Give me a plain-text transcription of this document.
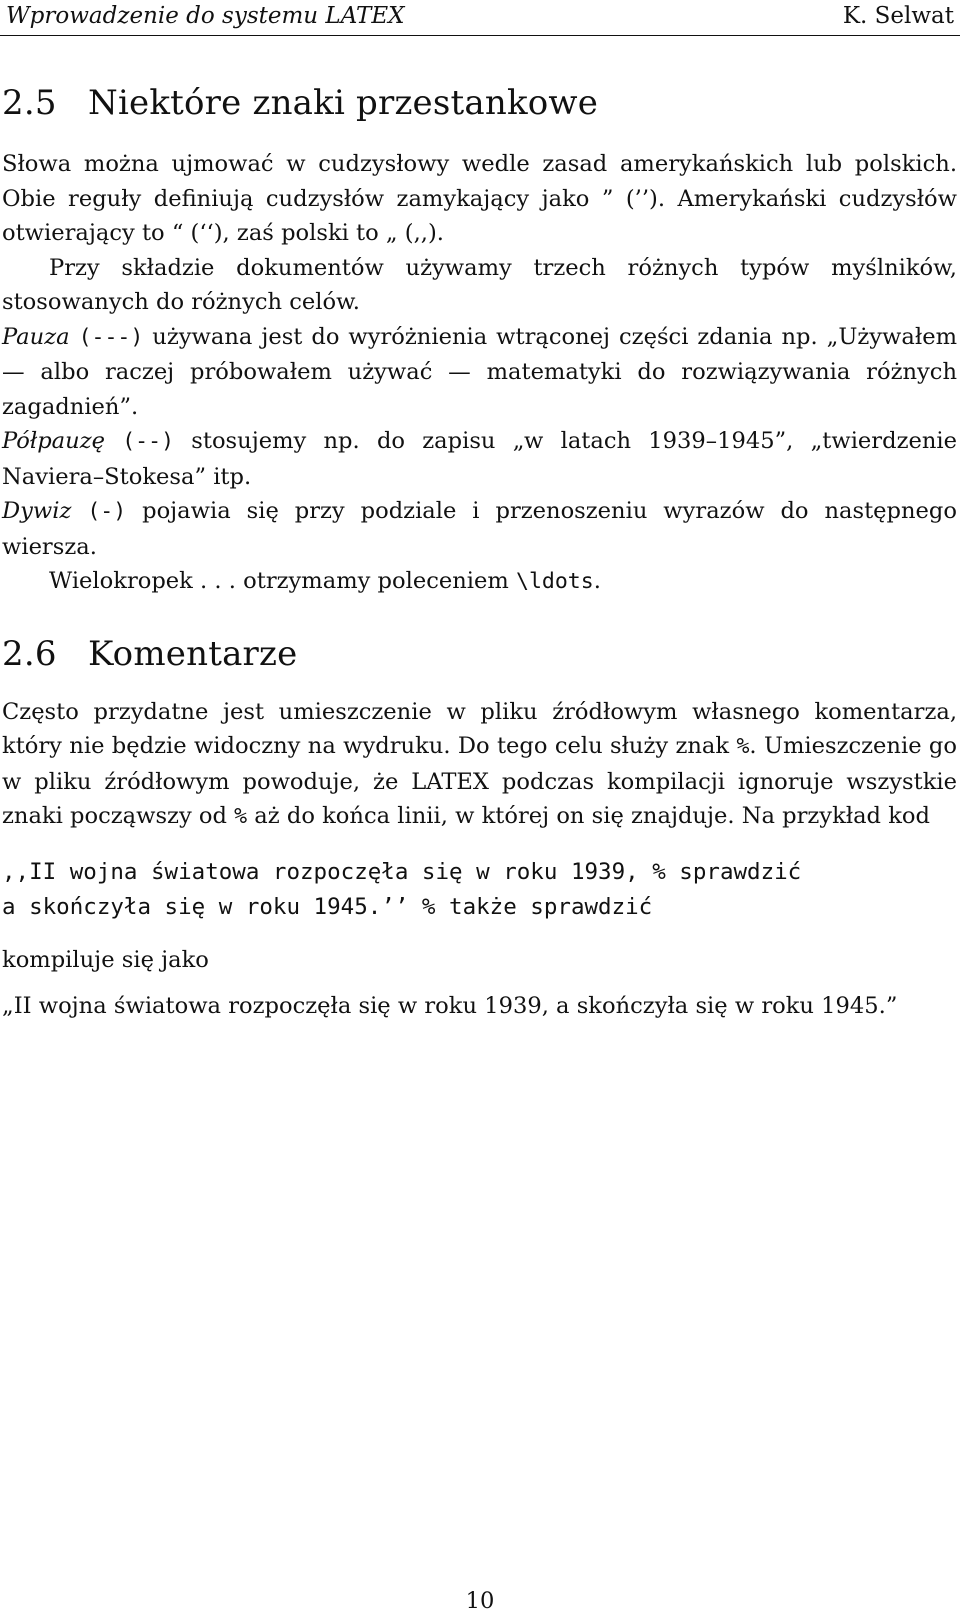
Wprowadzenie do systemu LATEX	K. Selwat
2.5 Niektóre znaki przestankowe

Słowa można ujmować w cudzysłowy wedle zasad amerykańskich lub polskich. Obie reguły definiują cudzysłów zamykający jako ” (’’). Amerykański cudzysłów otwierający to “ (‘‘), zaś polski to „ (,,).

Przy składzie dokumentów używamy trzech różnych typów myślników, stosowanych do różnych celów.

Pauza (---) używana jest do wyróżnienia wtrąconej części zdania np. „Używałem — albo raczej próbowałem używać — matematyki do rozwiązywania różnych zagadnień”.

Półpauzę (--) stosujemy np. do zapisu „w latach 1939–1945”, „twierdzenie Naviera–Stokesa” itp.

Dywiz (-) pojawia się przy podziale i przenoszeniu wyrazów do następnego wiersza.

Wielokropek . . . otrzymamy poleceniem \ldots.

2.6 Komentarze

Często przydatne jest umieszczenie w pliku źródłowym własnego komentarza, który nie będzie widoczny na wydruku. Do tego celu służy znak %. Umieszczenie go w pliku źródłowym powoduje, że LATEX podczas kompilacji ignoruje wszystkie znaki począwszy od % aż do końca linii, w której on się znajduje. Na przykład kod

,,II wojna światowa rozpoczęła się w roku 1939, % sprawdzić
a skończyła się w roku 1945.’’ % także sprawdzić

kompiluje się jako

„II wojna światowa rozpoczęła się w roku 1939, a skończyła się w roku 1945.”

10
